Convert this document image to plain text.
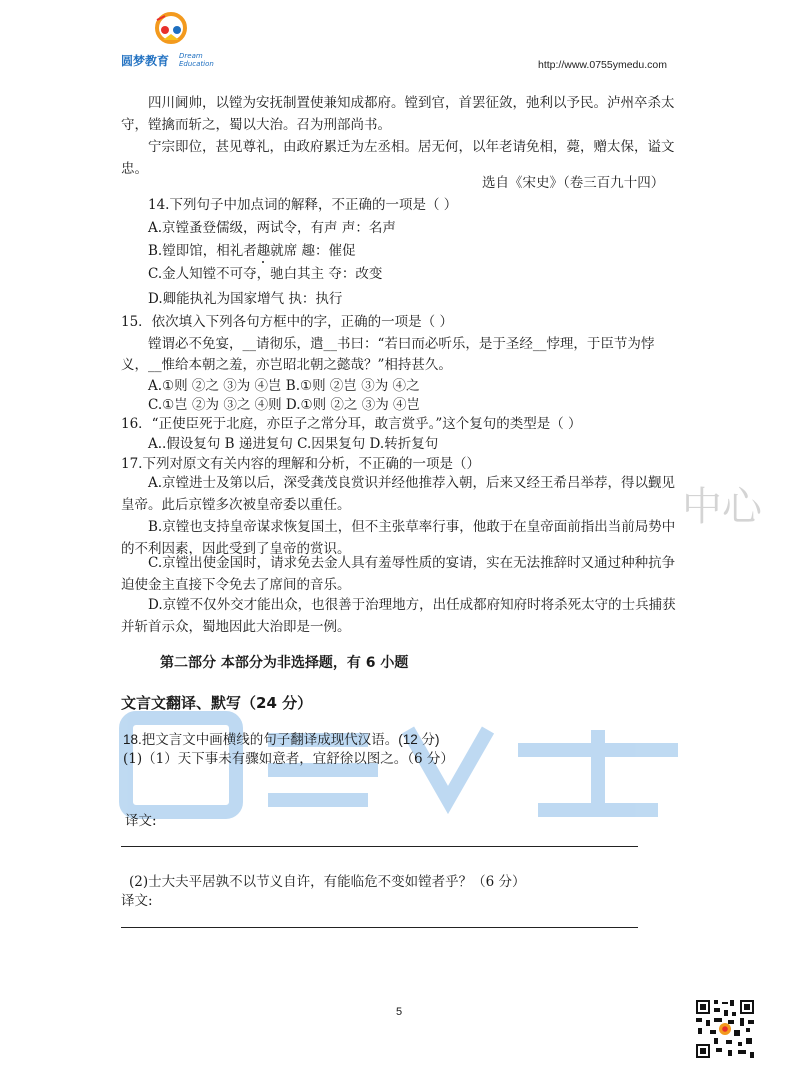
圆梦教育 Dream
Education	http://www.0755ymedu.com
中心
四川阃帅，以镗为安抚制置使兼知成都府。镗到官，首罢征敛，弛利以予民。泸州卒杀太守，镗擒而斩之，蜀以大治。召为刑部尚书。
宁宗即位，甚见尊礼，由政府累迁为左丞相。居无何，以年老请免相，薨，赠太保，谥文忠。
选自《宋史》（卷三百九十四）
14.下列句子中加点词的解释，不正确的一项是（ ）
A.京镗蚤登儒级，两试令，有声 声：名声
B.镗即馆，相礼者趣就席 趣：催促
C.金人知镗不可夺，驰白其主 夺：改变
D.卿能执礼为国家增气 执：执行
15．依次填入下列各句方框中的字，正确的一项是（ ）
镗谓必不免宴，__请彻乐，遣__书曰：“若曰而必听乐，是于圣经__悖理，于臣节为悖
义，__惟给本朝之羞，亦岂昭北朝之懿哉？”相持甚久。
A.①则 ②之 ③为 ④岂 B.①则 ②岂 ③为 ④之
C.①岂 ②为 ③之 ④则 D.①则 ②之 ③为 ④岂
16．“正使臣死于北庭，亦臣子之常分耳，敢言赏乎。”这个复句的类型是（ ）
A..假设复句 B 递进复句 C.因果复句 D.转折复句
17.下列对原文有关内容的理解和分析，不正确的一项是（）
A.京镗进士及第以后，深受龚茂良赏识并经他推荐入朝，后来又经王希吕举荐，得以觐见皇帝。此后京镗多次被皇帝委以重任。
B.京镗也支持皇帝谋求恢复国土，但不主张草率行事，他敢于在皇帝面前指出当前局势中的不利因素，因此受到了皇帝的赏识。
C.京镗出使金国时，请求免去金人具有羞辱性质的宴请，实在无法推辞时又通过种种抗争迫使金主直接下令免去了席间的音乐。
D.京镗不仅外交才能出众，也很善于治理地方，出任成都府知府时将杀死太守的士兵捕获并斩首示众，蜀地因此大治即是一例。
第二部分 本部分为非选择题，有 6 小题
文言文翻译、默写（24 分）
18.把文言文中画横线的句子翻译成现代汉语。(12 分)
(1)（1）天下事未有骤如意者，宜舒徐以图之。（6 分）
译文:
(2)士大夫平居孰不以节义自许，有能临危不变如镗者乎？（6 分）
译文:
5
